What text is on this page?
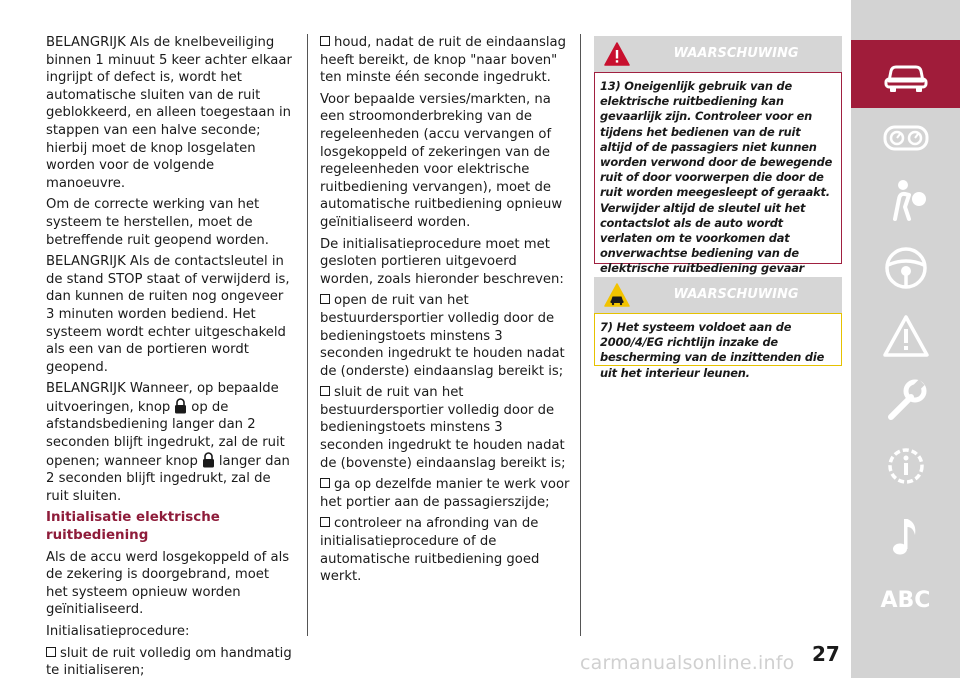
BELANGRIJK Als de knelbeveiliging binnen 1 minuut 5 keer achter elkaar ingrijpt of defect is, wordt het automatische sluiten van de ruit geblokkeerd, en alleen toegestaan in stappen van een halve seconde; hierbij moet de knop losgelaten worden voor de volgende manoeuvre.

Om de correcte werking van het systeem te herstellen, moet de betreffende ruit geopend worden.

BELANGRIJK Als de contactsleutel in de stand STOP staat of verwijderd is, dan kunnen de ruiten nog ongeveer 3 minuten worden bediend. Het systeem wordt echter uitgeschakeld als een van de portieren wordt geopend.

BELANGRIJK Wanneer, op bepaalde uitvoeringen, knop op de afstandsbediening langer dan 2 seconden blijft ingedrukt, zal de ruit openen; wanneer knop langer dan 2 seconden blijft ingedrukt, zal de ruit sluiten.

Initialisatie elektrische ruitbediening

Als de accu werd losgekoppeld of als de zekering is doorgebrand, moet het systeem opnieuw worden geïnitialiseerd.

Initialisatieprocedure:

sluit de ruit volledig om handmatig te initialiseren;

houd, nadat de ruit de eindaanslag heeft bereikt, de knop "naar boven" ten minste één seconde ingedrukt.

Voor bepaalde versies/markten, na een stroomonderbreking van de regeleenheden (accu vervangen of losgekoppeld of zekeringen van de regeleenheden voor elektrische ruitbediening vervangen), moet de automatische ruitbediening opnieuw geïnitialiseerd worden.

De initialisatieprocedure moet met gesloten portieren uitgevoerd worden, zoals hieronder beschreven:

open de ruit van het bestuurdersportier volledig door de bedieningstoets minstens 3 seconden ingedrukt te houden nadat de (onderste) eindaanslag bereikt is;

sluit de ruit van het bestuurdersportier volledig door de bedieningstoets minstens 3 seconden ingedrukt te houden nadat de (bovenste) eindaanslag bereikt is;

ga op dezelfde manier te werk voor het portier aan de passagierszijde;

controleer na afronding van de initialisatieprocedure of de automatische ruitbediening goed werkt.

WAARSCHUWING
13) Oneigenlijk gebruik van de elektrische ruitbediening kan gevaarlijk zijn. Controleer voor en tijdens het bedienen van de ruit altijd of de passagiers niet kunnen worden verwond door de bewegende ruit of door voorwerpen die door de ruit worden meegesleept of geraakt. Verwijder altijd de sleutel uit het contactslot als de auto wordt verlaten om te voorkomen dat onverwachtse bediening van de elektrische ruitbediening gevaar
WAARSCHUWING
7) Het systeem voldoet aan de 2000/4/EG richtlijn inzake de bescherming van de inzittenden die uit het interieur leunen.
ABC
27
carmanualsonline.info
